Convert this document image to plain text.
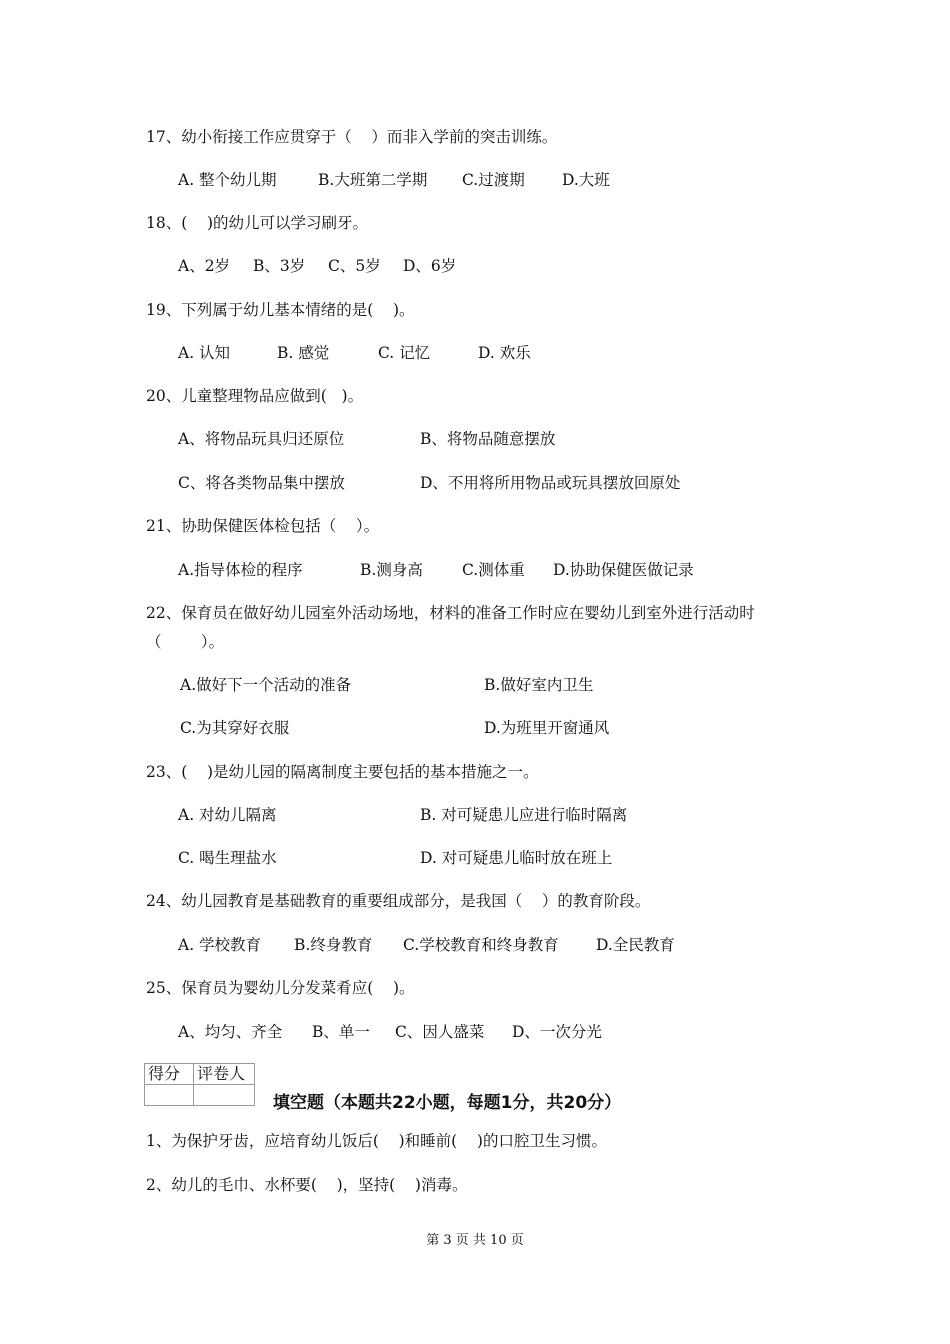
17、幼小衔接工作应贯穿于（    ）而非入学前的突击训练。
A. 整个幼儿期	B.大班第二学期 C.过渡期 D.大班
18、(    )的幼儿可以学习刷牙。
A、2岁 B、3岁 C、5岁 D、6岁
19、下列属于幼儿基本情绪的是(    )。
A. 认知	B. 感觉	C. 记忆	D. 欢乐
20、儿童整理物品应做到(   )。
A、将物品玩具归还原位	B、将物品随意摆放
C、将各类物品集中摆放	D、不用将所用物品或玩具摆放回原处
21、协助保健医体检包括（    ）。
A.指导体检的程序	B.测身高	C.测体重 D.协助保健医做记录
22、保育员在做好幼儿园室外活动场地，材料的准备工作时应在婴幼儿到室外进行活动时
（        ）。
A.做好下一个活动的准备	B.做好室内卫生
C.为其穿好衣服	D.为班里开窗通风
23、(    )是幼儿园的隔离制度主要包括的基本措施之一。
A. 对幼儿隔离	B. 对可疑患儿应进行临时隔离
C. 喝生理盐水	D. 对可疑患儿临时放在班上
24、幼儿园教育是基础教育的重要组成部分，是我国（    ）的教育阶段。
A. 学校教育 B.终身教育 C.学校教育和终身教育 D.全民教育
25、保育员为婴幼儿分发菜肴应(    )。
A、均匀、齐全 B、单一 C、因人盛菜 D、一次分光
得分	评卷人

填空题（本题共22小题，每题1分，共20分）
1、为保护牙齿，应培育幼儿饭后(    )和睡前(    )的口腔卫生习惯。
2、幼儿的毛巾、水杯要(    )，坚持(    )消毒。
第 3 页 共 10 页
